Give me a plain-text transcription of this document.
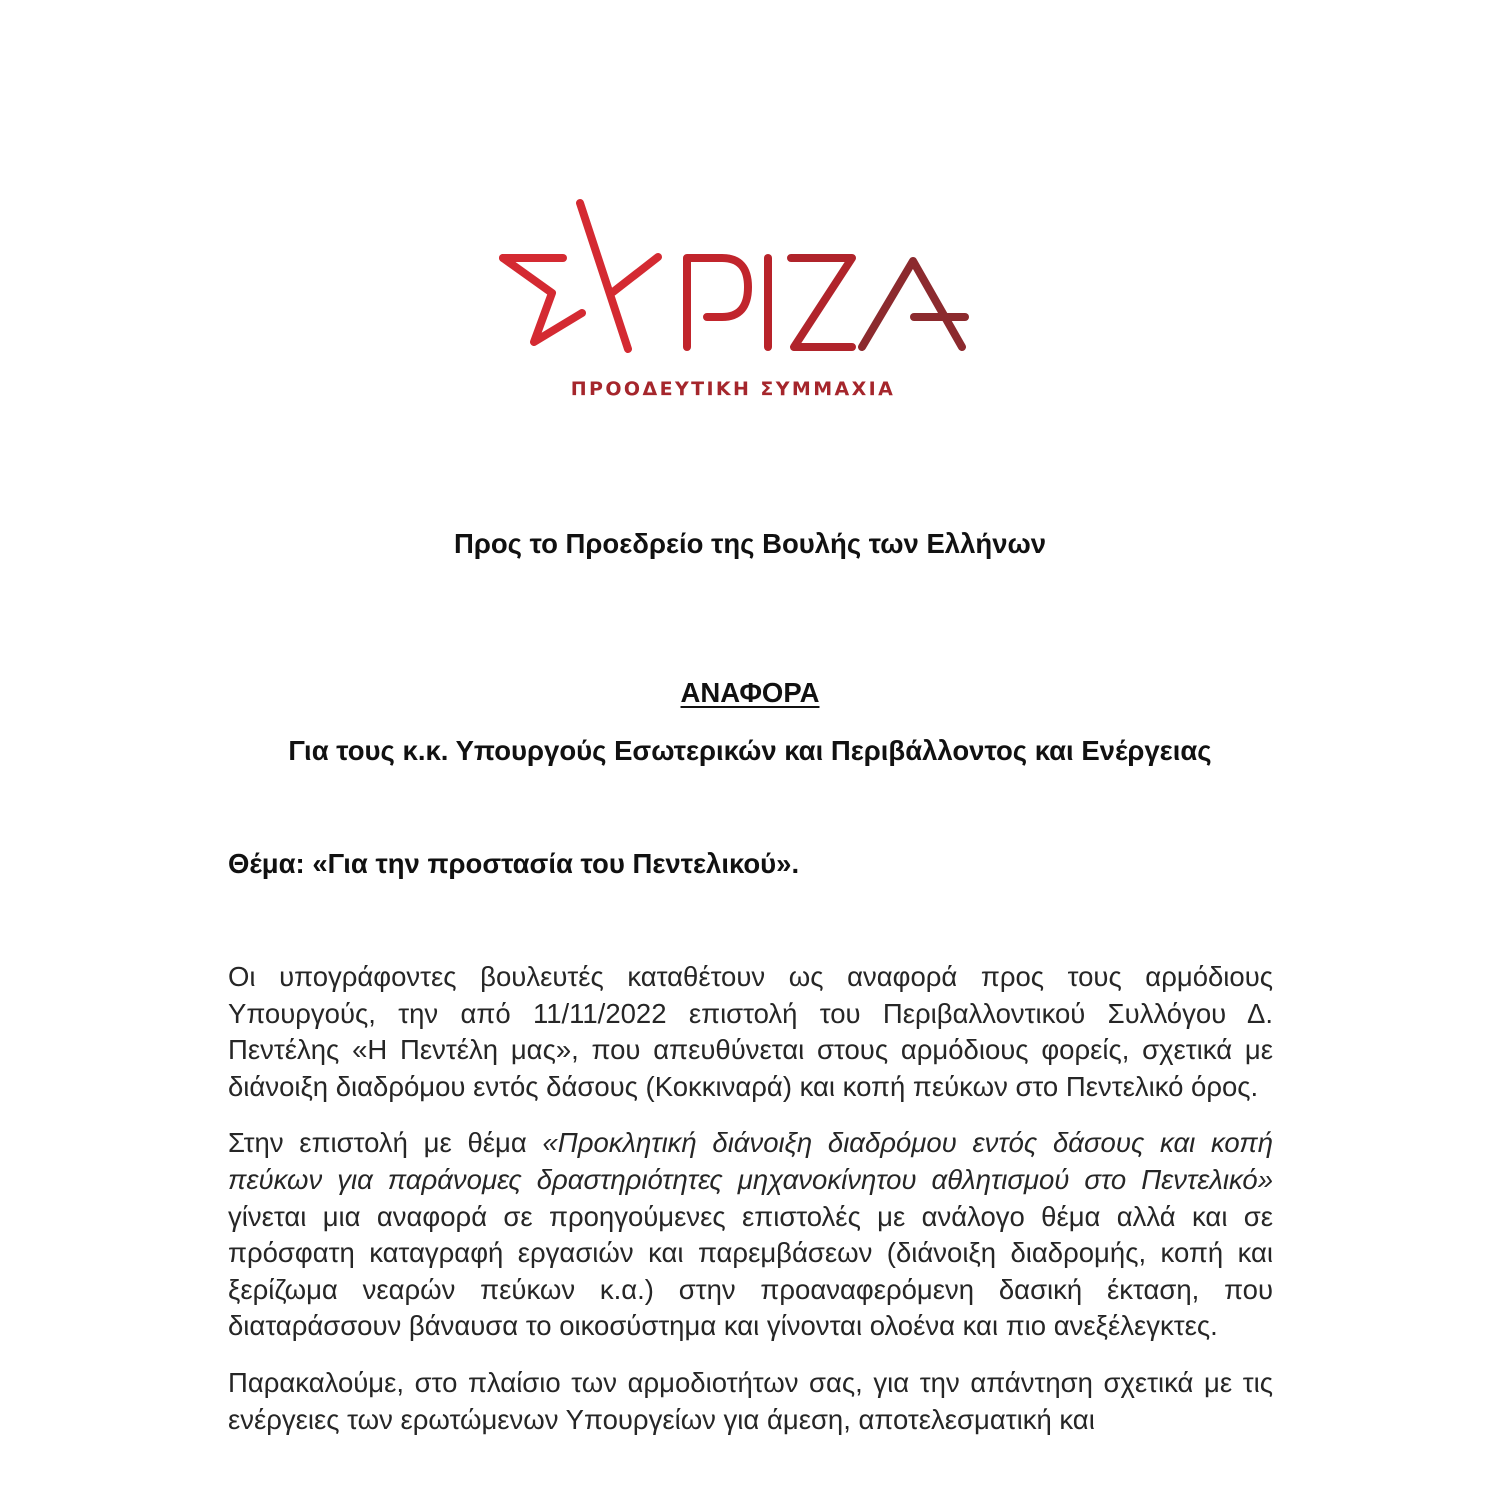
ΠΡΟΟΔΕΥΤΙΚΗ ΣΥΜΜΑΧΙΑ
Προς το Προεδρείο της Βουλής των Ελλήνων
ΑΝΑΦΟΡΑ
Για τους κ.κ. Υπουργούς Εσωτερικών και Περιβάλλοντος και Ενέργειας
Θέμα: «Για την προστασία του Πεντελικού».

Οι υπογράφοντες βουλευτές καταθέτουν ως αναφορά προς τους αρμόδιους Υπουργούς, την από 11/11/2022 επιστολή του Περιβαλλοντικού Συλλόγου Δ. Πεντέλης «Η Πεντέλη μας», που απευθύνεται στους αρμόδιους φορείς, σχετικά με διάνοιξη διαδρόμου εντός δάσους (Κοκκιναρά) και κοπή πεύκων στο Πεντελικό όρος.

Στην επιστολή με θέμα «Προκλητική διάνοιξη διαδρόμου εντός δάσους και κοπή πεύκων για παράνομες δραστηριότητες μηχανοκίνητου αθλητισμού στο Πεντελικό» γίνεται μια αναφορά σε προηγούμενες επιστολές με ανάλογο θέμα αλλά και σε πρόσφατη καταγραφή εργασιών και παρεμβάσεων (διάνοιξη διαδρομής, κοπή και ξερίζωμα νεαρών πεύκων κ.α.) στην προαναφερόμενη δασική έκταση, που διαταράσσουν βάναυσα το οικοσύστημα και γίνονται ολοένα και πιο ανεξέλεγκτες.

Παρακαλούμε, στο πλαίσιο των αρμοδιοτήτων σας, για την απάντηση σχετικά με τις ενέργειες των ερωτώμενων Υπουργείων για άμεση, αποτελεσματική και
